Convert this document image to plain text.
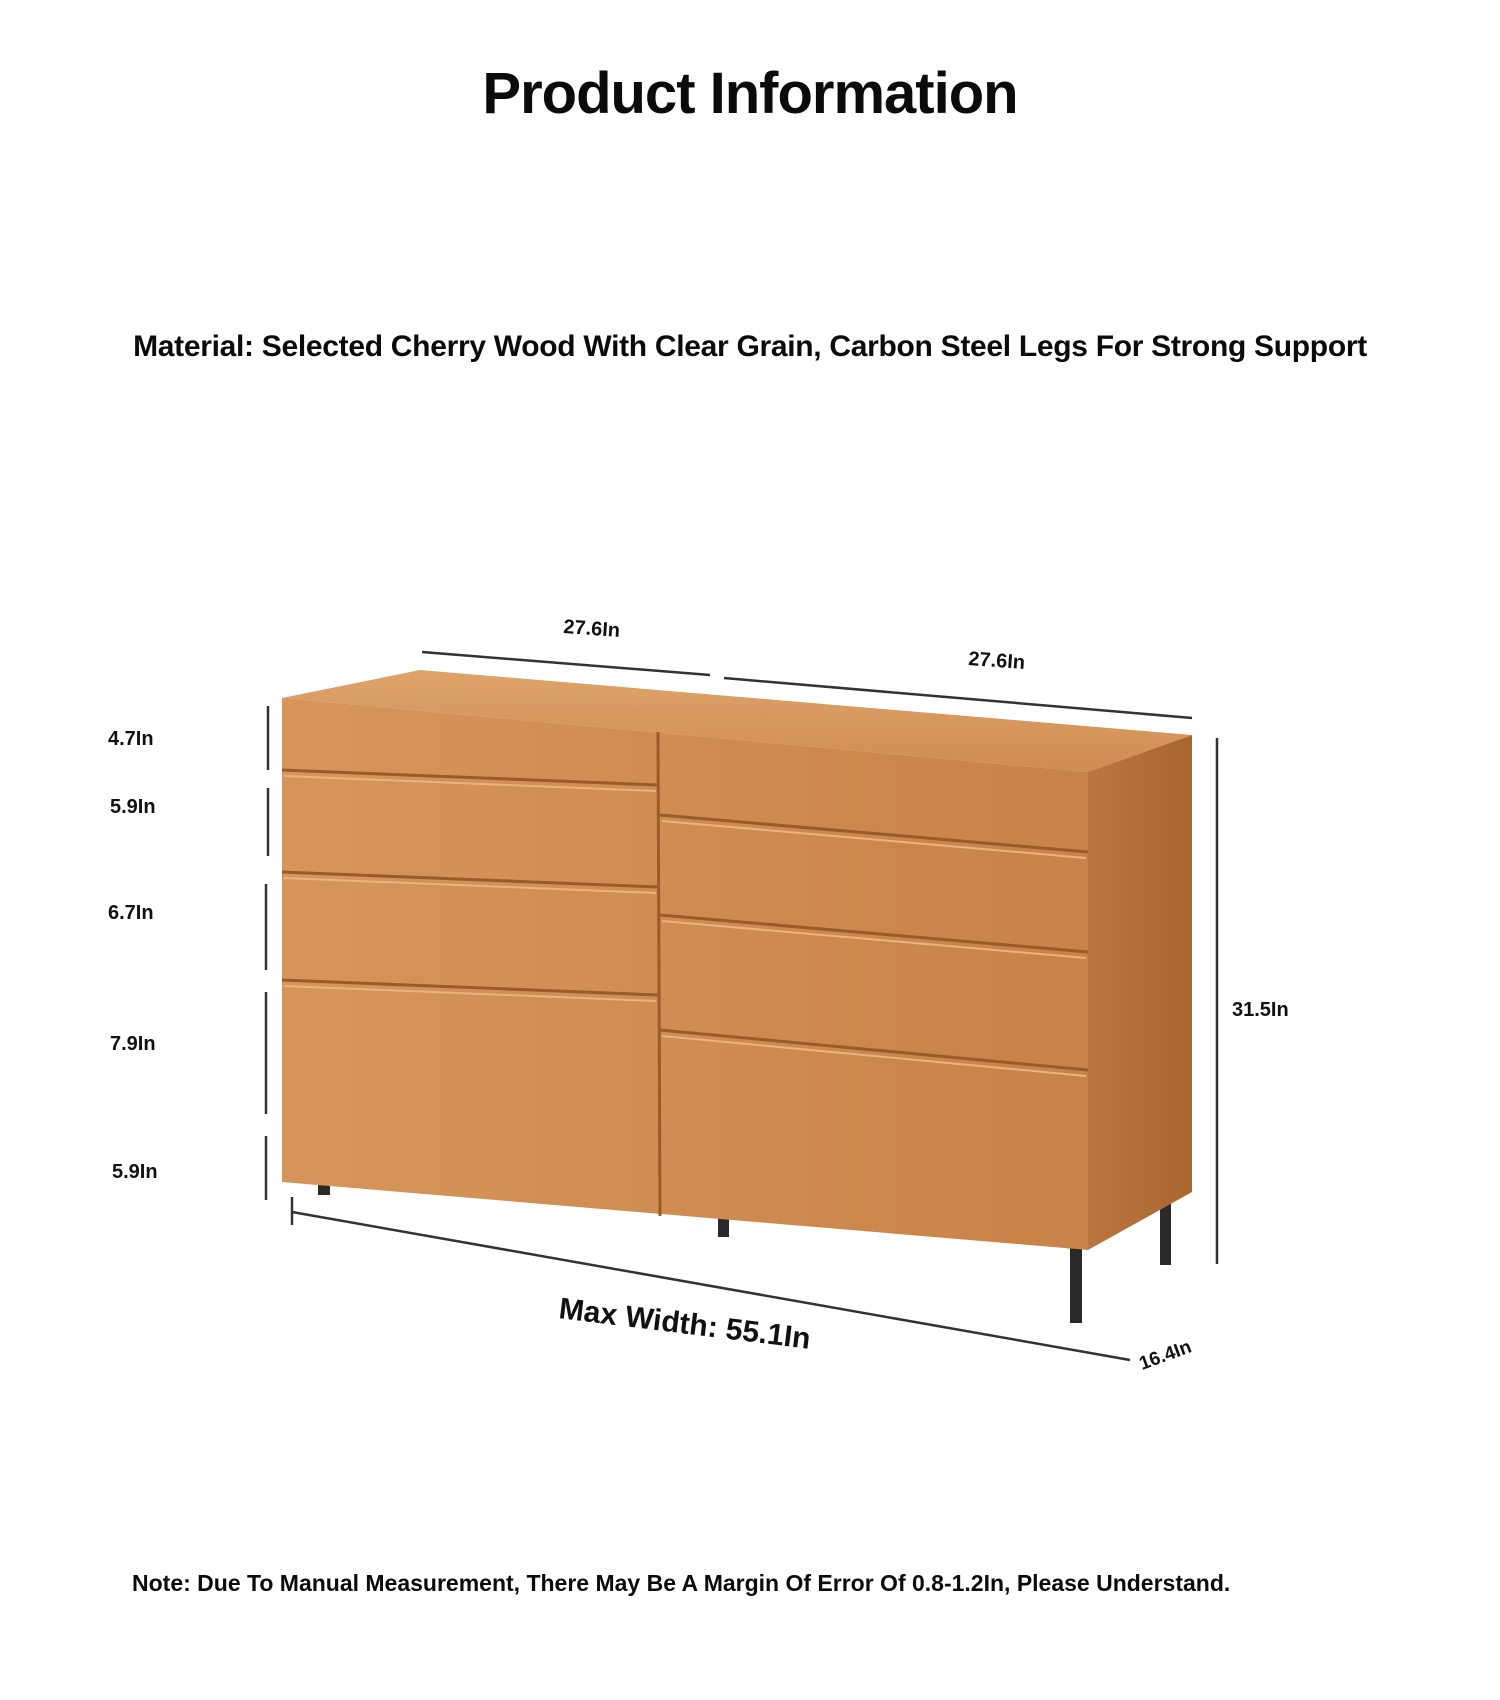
Product Information

Material: Selected Cherry Wood With Clear Grain, Carbon Steel Legs For Strong Support

27.6In
27.6In
4.7In
5.9In
6.7In
7.9In
5.9In
31.5In
Max Width: 55.1In	16.4In

Note: Due To Manual Measurement, There May Be A Margin Of Error Of 0.8-1.2In, Please Understand.
